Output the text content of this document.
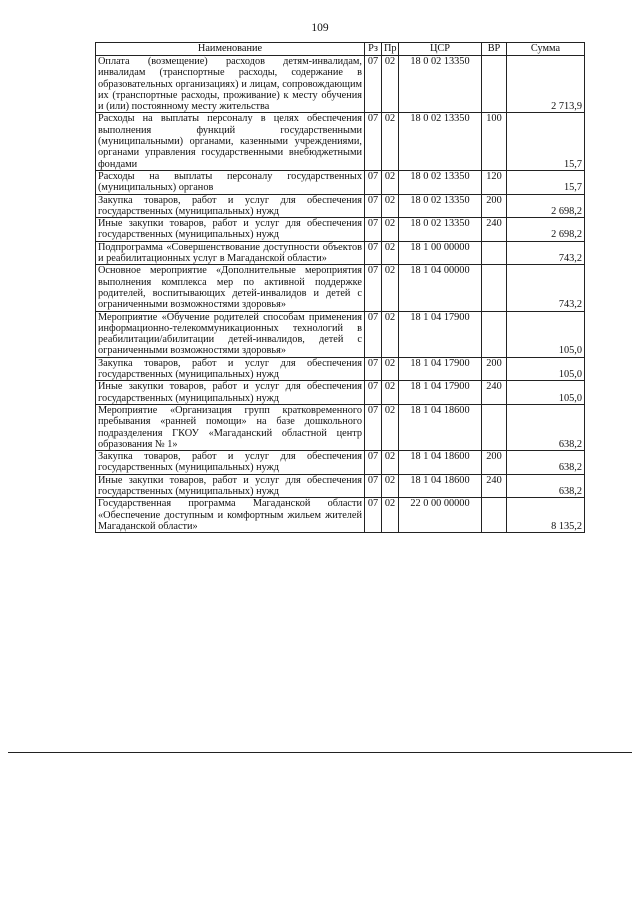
109
Наименование	Рз	Пр	ЦСР	ВР	Сумма
Оплата (возмещение) расходов детям-инвалидам, инвалидам (транспортные расходы, содержание в образовательных организациях) и лицам, сопровождающим их (транспортные расходы, проживание) к месту обучения и (или) постоянному месту жительства	07	02	18 0 02 13350		2 713,9
Расходы на выплаты персоналу в целях обеспечения выполнения функций государственными (муниципальными) органами, казенными учреждениями, органами управления государственными внебюджетными фондами	07	02	18 0 02 13350	100	15,7
Расходы на выплаты персоналу государственных (муниципальных) органов	07	02	18 0 02 13350	120	15,7
Закупка товаров, работ и услуг для обеспечения государственных (муниципальных) нужд	07	02	18 0 02 13350	200	2 698,2
Иные закупки товаров, работ и услуг для обеспечения государственных (муниципальных) нужд	07	02	18 0 02 13350	240	2 698,2
Подпрограмма «Совершенствование доступности объектов и реабилитационных услуг в Магаданской области»	07	02	18 1 00 00000		743,2
Основное мероприятие «Дополнительные мероприятия выполнения комплекса мер по активной поддержке родителей, воспитывающих детей-инвалидов и детей с ограниченными возможностями здоровья»	07	02	18 1 04 00000		743,2
Мероприятие «Обучение родителей способам применения информационно-телекоммуникационных технологий в реабилитации/абилитации детей-инвалидов, детей с ограниченными возможностями здоровья»	07	02	18 1 04 17900		105,0
Закупка товаров, работ и услуг для обеспечения государственных (муниципальных) нужд	07	02	18 1 04 17900	200	105,0
Иные закупки товаров, работ и услуг для обеспечения государственных (муниципальных) нужд	07	02	18 1 04 17900	240	105,0
Мероприятие «Организация групп кратковременного пребывания «ранней помощи» на базе дошкольного подразделения ГКОУ «Магаданский областной центр образования № 1»	07	02	18 1 04 18600		638,2
Закупка товаров, работ и услуг для обеспечения государственных (муниципальных) нужд	07	02	18 1 04 18600	200	638,2
Иные закупки товаров, работ и услуг для обеспечения государственных (муниципальных) нужд	07	02	18 1 04 18600	240	638,2
Государственная программа Магаданской области «Обеспечение доступным и комфортным жильем жителей Магаданской области»	07	02	22 0 00 00000		8 135,2
